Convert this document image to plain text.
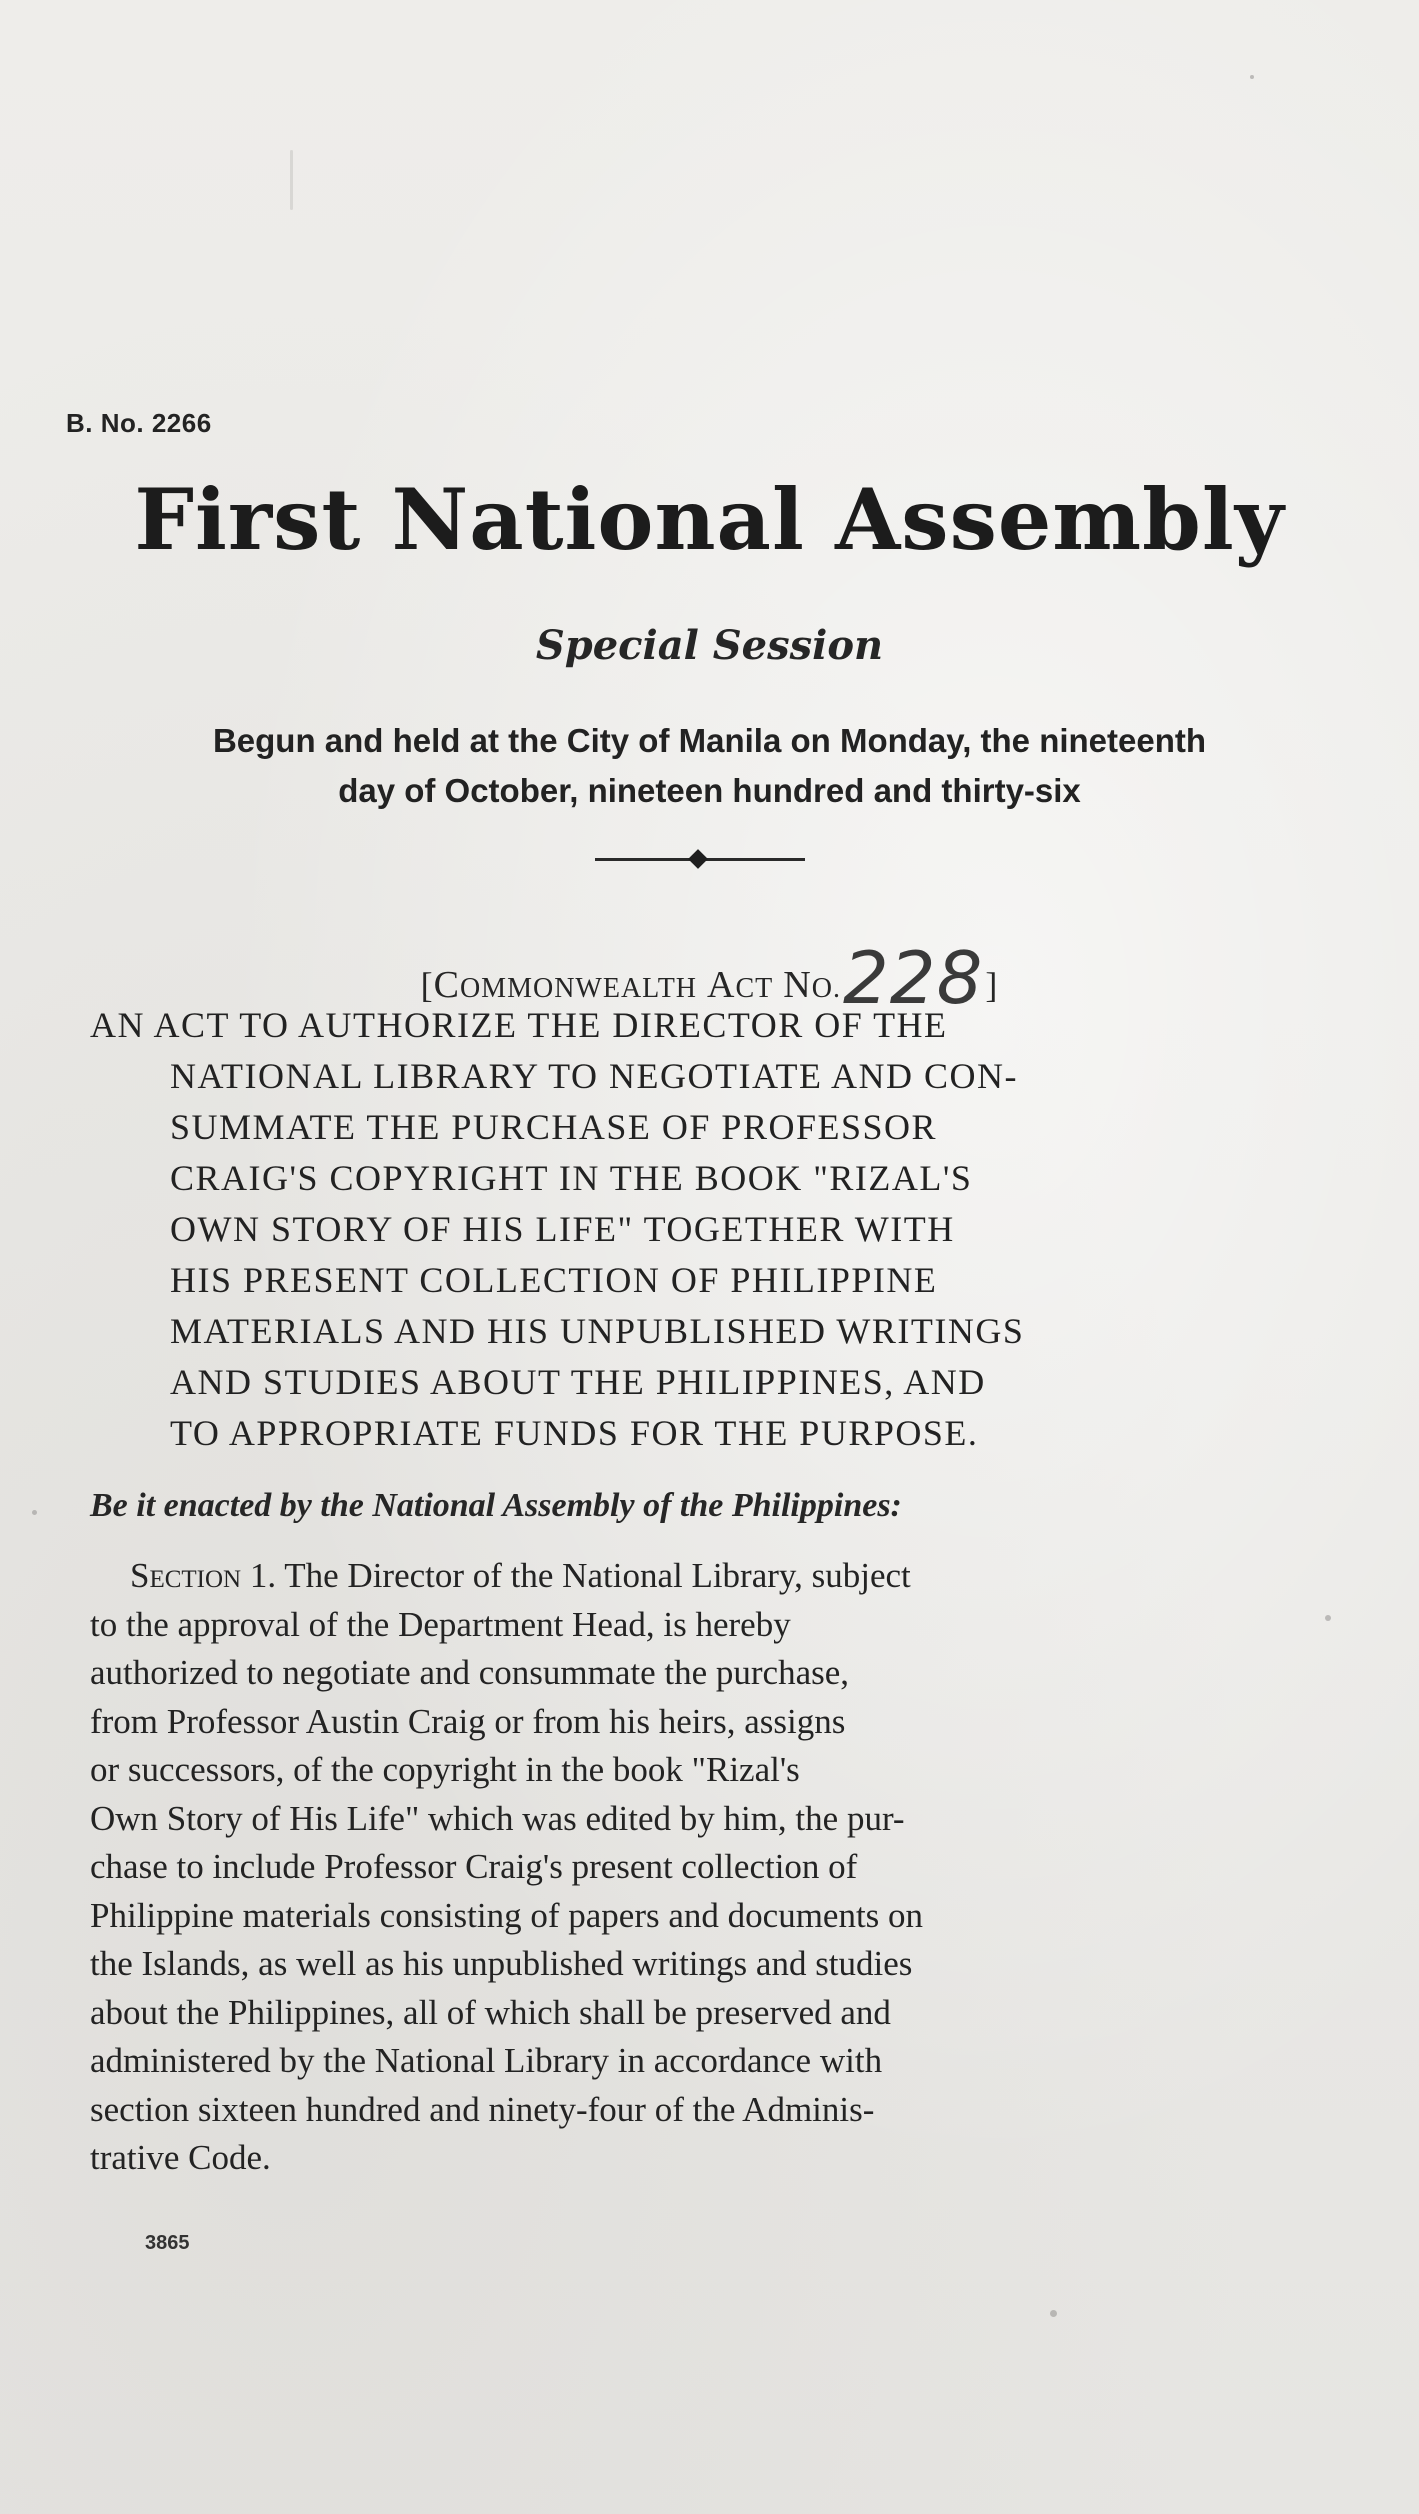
B. No. 2266
First National Assembly
Special Session
Begun and held at the City of Manila on Monday, the nineteenth
day of October, nineteen hundred and thirty-six
[COMMONWEALTH ACT NO.228]
AN ACT TO AUTHORIZE THE DIRECTOR OF THE
NATIONAL LIBRARY TO NEGOTIATE AND CON-
SUMMATE THE PURCHASE OF PROFESSOR
CRAIG'S COPYRIGHT IN THE BOOK "RIZAL'S
OWN STORY OF HIS LIFE" TOGETHER WITH
HIS PRESENT COLLECTION OF PHILIPPINE
MATERIALS AND HIS UNPUBLISHED WRITINGS
AND STUDIES ABOUT THE PHILIPPINES, AND
TO APPROPRIATE FUNDS FOR THE PURPOSE.
Be it enacted by the National Assembly of the Philippines:
Section 1. The Director of the National Library, subject
to the approval of the Department Head, is hereby
authorized to negotiate and consummate the purchase,
from Professor Austin Craig or from his heirs, assigns
or successors, of the copyright in the book "Rizal's
Own Story of His Life" which was edited by him, the pur-
chase to include Professor Craig's present collection of
Philippine materials consisting of papers and documents on
the Islands, as well as his unpublished writings and studies
about the Philippines, all of which shall be preserved and
administered by the National Library in accordance with
section sixteen hundred and ninety-four of the Adminis-
trative Code.
3865
